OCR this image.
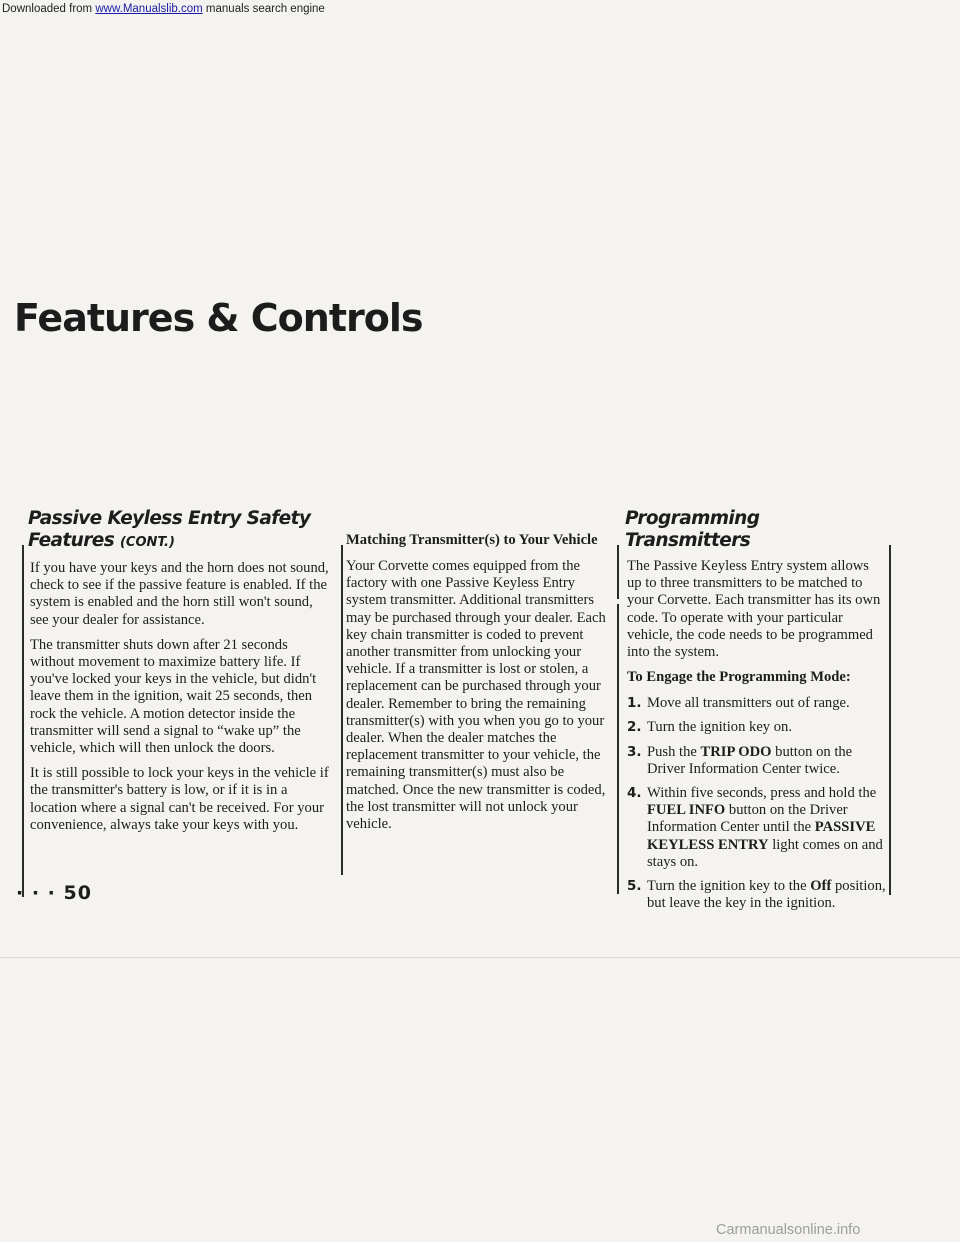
Downloaded from www.Manualslib.com manuals search engine
Features & Controls
Passive Keyless Entry Safety Features (CONT.)

If you have your keys and the horn does not sound, check to see if the passive feature is enabled. If the system is enabled and the horn still won't sound, see your dealer for assistance.

The transmitter shuts down after 21 seconds without movement to maximize battery life. If you've locked your keys in the vehicle, but didn't leave them in the ignition, wait 25 seconds, then rock the vehicle. A motion detector inside the transmitter will send a signal to “wake up” the vehicle, which will then unlock the doors.

It is still possible to lock your keys in the vehicle if the transmitter's battery is low, or if it is in a location where a signal can't be received. For your convenience, always take your keys with you.

· · · 50
Matching Transmitter(s) to Your Vehicle

Your Corvette comes equipped from the factory with one Passive Keyless Entry system transmitter. Additional transmitters may be purchased through your dealer. Each key chain transmitter is coded to prevent another transmitter from unlocking your vehicle. If a transmitter is lost or stolen, a replacement can be purchased through your dealer. Remember to bring the remaining transmitter(s) with you when you go to your dealer. When the dealer matches the replacement transmitter to your vehicle, the remaining transmitter(s) must also be matched. Once the new transmitter is coded, the lost transmitter will not unlock your vehicle.

Programming Transmitters

The Passive Keyless Entry system allows up to three transmitters to be matched to your Corvette. Each transmitter has its own code. To operate with your particular vehicle, the code needs to be programmed into the system.

To Engage the Programming Mode:
1. Move all transmitters out of range.
2. Turn the ignition key on.
3. Push the TRIP ODO button on the Driver Information Center twice.
4. Within five seconds, press and hold the FUEL INFO button on the Driver Information Center until the PASSIVE KEYLESS ENTRY light comes on and stays on.
5. Turn the ignition key to the Off position, but leave the key in the ignition.
Carmanualsonline.info
